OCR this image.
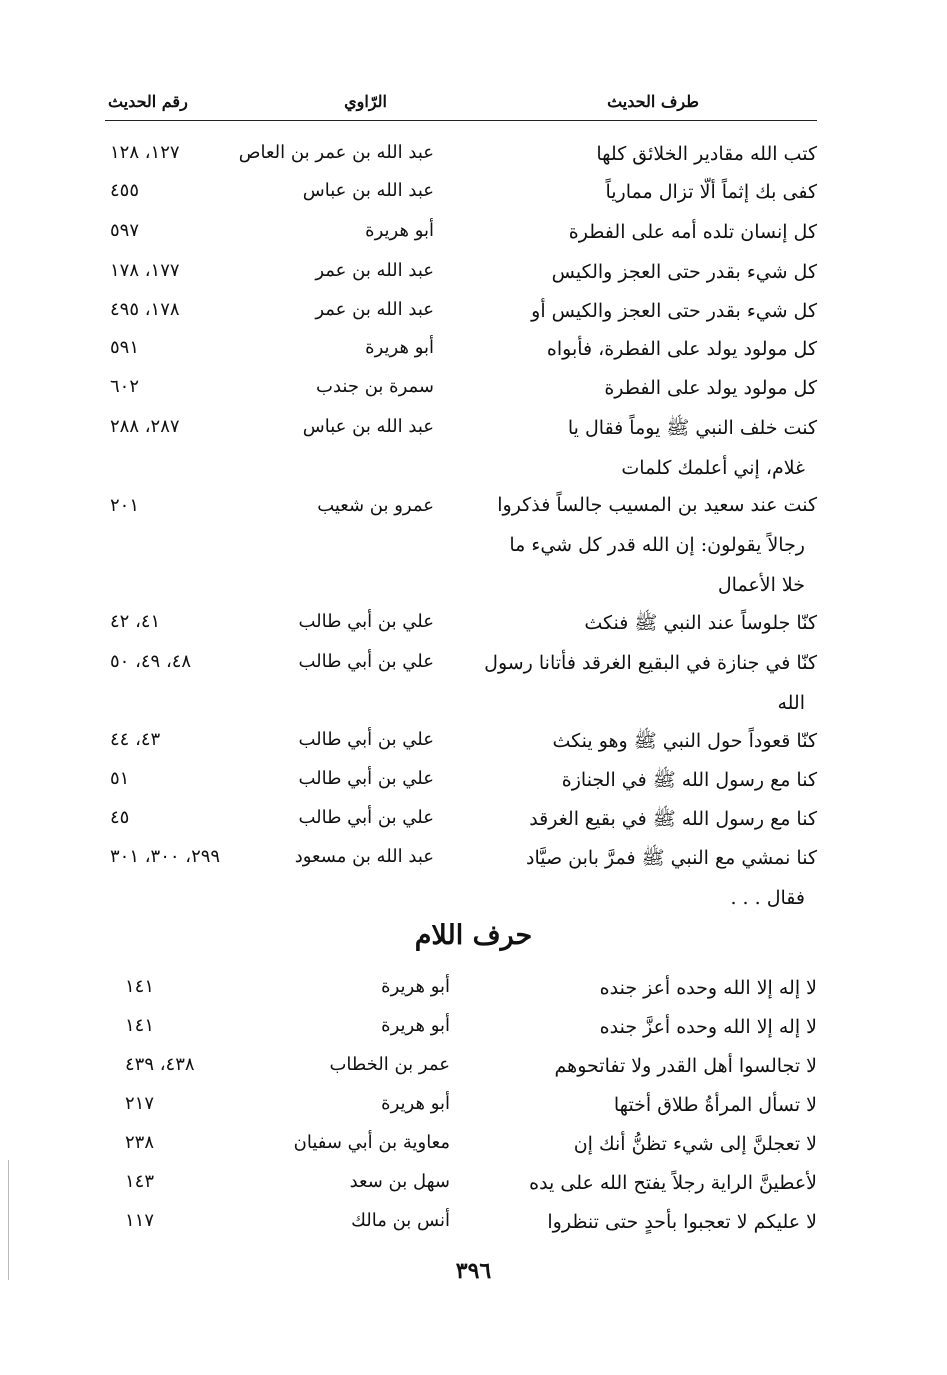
طرف الحديث
الرّاوي
رقم الحديث
كتب الله مقادير الخلائق كلها
عبد الله بن عمر بن العاص
١٢٧، ١٢٨
كفى بك إثماً ألّا تزال ممارياً
عبد الله بن عباس
٤٥٥
كل إنسان تلده أمه على الفطرة
أبو هريرة
٥٩٧
كل شيء بقدر حتى العجز والكيس
عبد الله بن عمر
١٧٧، ١٧٨
كل شيء بقدر حتى العجز والكيس أو
عبد الله بن عمر
١٧٨، ٤٩٥
كل مولود يولد على الفطرة، فأبواه
أبو هريرة
٥٩١
كل مولود يولد على الفطرة
سمرة بن جندب
٦٠٢
كنت خلف النبي ﷺ يوماً فقال يا
غلام، إني أعلمك كلمات
عبد الله بن عباس
٢٨٧، ٢٨٨
كنت عند سعيد بن المسيب جالساً فذكروا
رجالاً يقولون: إن الله قدر كل شيء ما
خلا الأعمال
عمرو بن شعيب
٢٠١
كنّا جلوساً عند النبي ﷺ فنكث
علي بن أبي طالب
٤١، ٤٢
كنّا في جنازة في البقيع الغرقد فأتانا رسول
الله
علي بن أبي طالب
٤٨، ٤٩، ٥٠
كنّا قعوداً حول النبي ﷺ وهو ينكث
علي بن أبي طالب
٤٣، ٤٤
كنا مع رسول الله ﷺ في الجنازة
علي بن أبي طالب
٥١
كنا مع رسول الله ﷺ في بقيع الغرقد
علي بن أبي طالب
٤٥
كنا نمشي مع النبي ﷺ فمرَّ بابن صيَّاد
فقال . . .
عبد الله بن مسعود
٢٩٩، ٣٠٠، ٣٠١
حرف اللام
لا إله إلا الله وحده أعز جنده
أبو هريرة
١٤١
لا إله إلا الله وحده أعزَّ جنده
أبو هريرة
١٤١
لا تجالسوا أهل القدر ولا تفاتحوهم
عمر بن الخطاب
٤٣٨، ٤٣٩
لا تسأل المرأةُ طلاق أختها
أبو هريرة
٢١٧
لا تعجلنَّ إلى شيء تظنُّ أنك إن
معاوية بن أبي سفيان
٢٣٨
لأعطينَّ الراية رجلاً يفتح الله على يده
سهل بن سعد
١٤٣
لا عليكم لا تعجبوا بأحدٍ حتى تنظروا
أنس بن مالك
١١٧
٣٩٦
